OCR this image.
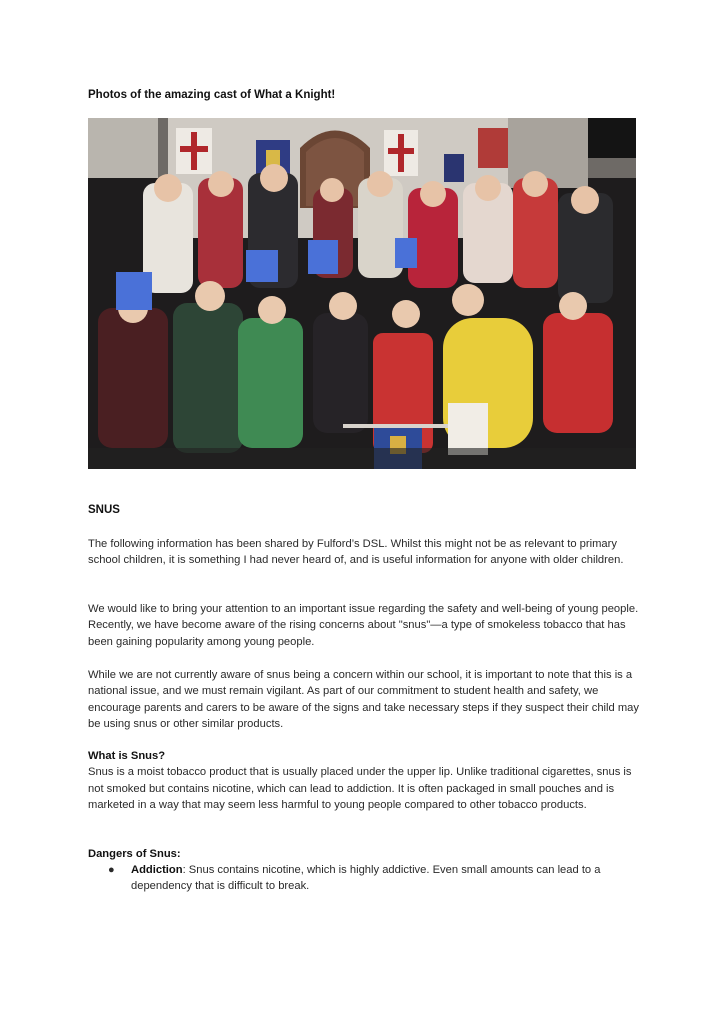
Photos of the amazing cast of What a Knight!
SNUS

The following information has been shared by Fulford’s DSL. Whilst this might not be as relevant to primary school children, it is something I had never heard of, and is useful information for anyone with older children.

We would like to bring your attention to an important issue regarding the safety and well-being of young people. Recently, we have become aware of the rising concerns about "snus"—a type of smokeless tobacco that has been gaining popularity among young people.

While we are not currently aware of snus being a concern within our school, it is important to note that this is a national issue, and we must remain vigilant. As part of our commitment to student health and safety, we encourage parents and carers to be aware of the signs and take necessary steps if they suspect their child may be using snus or other similar products.

What is Snus?
Snus is a moist tobacco product that is usually placed under the upper lip. Unlike traditional cigarettes, snus is not smoked but contains nicotine, which can lead to addiction. It is often packaged in small pouches and is marketed in a way that may seem less harmful to young people compared to other tobacco products.
Dangers of Snus:
● Addiction: Snus contains nicotine, which is highly addictive. Even small amounts can lead to a dependency that is difficult to break.
